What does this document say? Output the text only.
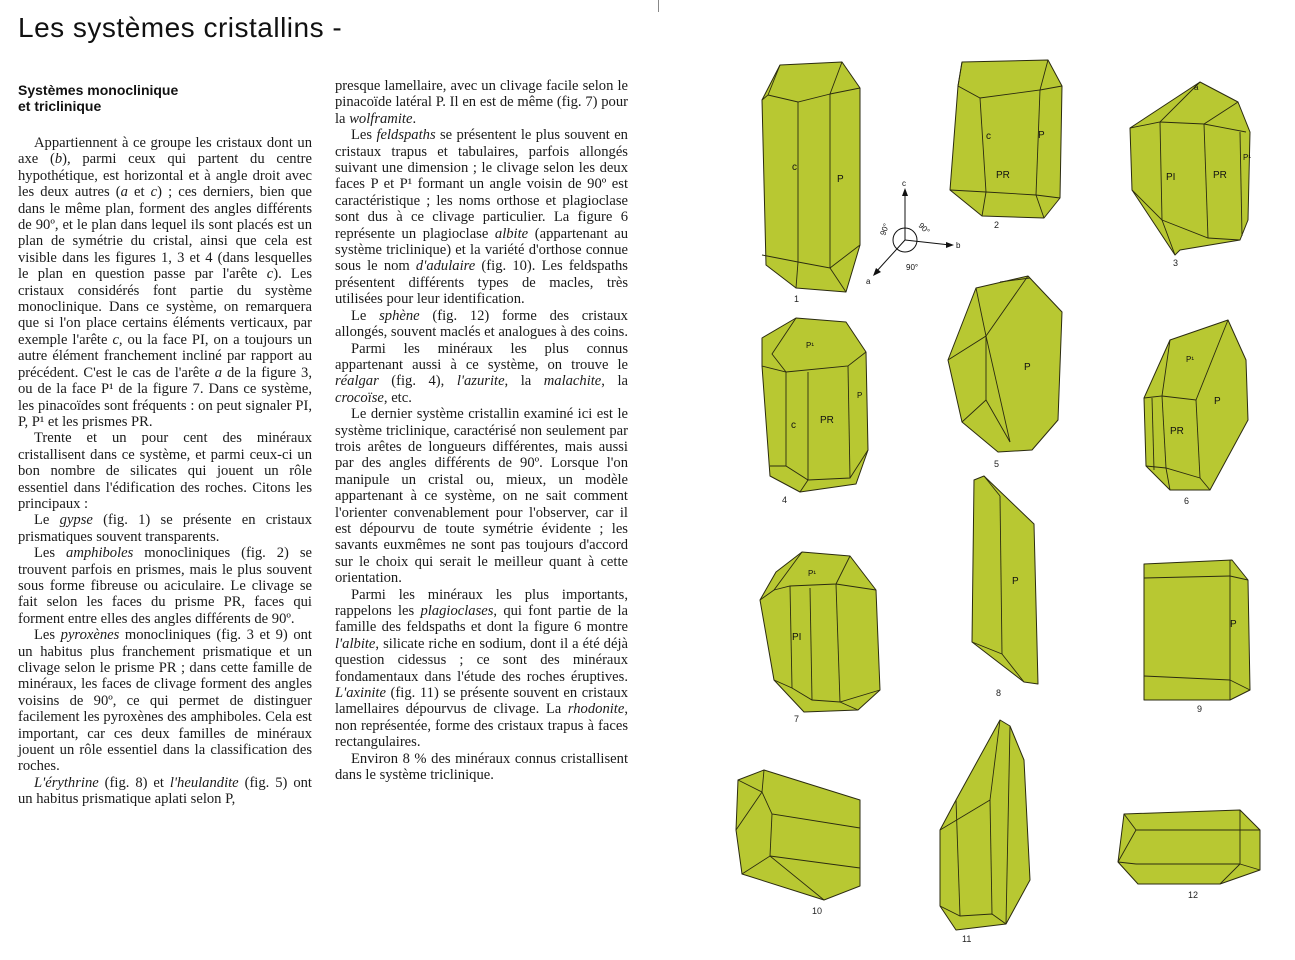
Les systèmes cristallins -
Systèmes monoclinique
et triclinique

Appartiennent à ce groupe les cristaux dont un axe (b), parmi ceux qui partent du centre hypothétique, est horizontal et à angle droit avec les deux autres (a et c) ; ces derniers, bien que dans le même plan, forment des angles différents de 90º, et le plan dans lequel ils sont placés est un plan de symétrie du cristal, ainsi que cela est visible dans les figures 1, 3 et 4 (dans lesquelles le plan en question passe par l'arête c). Les cristaux considérés font partie du système monoclinique. Dans ce système, on remarquera que si l'on place certains éléments verticaux, par exemple l'arête c, ou la face PI, on a toujours un autre élément franchement incliné par rapport au précédent. C'est le cas de l'arête a de la figure 3, ou de la face P¹ de la figure 7. Dans ce système, les pinacoïdes sont fréquents : on peut signaler PI, P, P¹ et les prismes PR.

Trente et un pour cent des minéraux cristallisent dans ce système, et parmi ceux-ci un bon nombre de silicates qui jouent un rôle essentiel dans l'édification des roches. Citons les principaux :

Le gypse (fig. 1) se présente en cristaux prismatiques souvent transparents.

Les amphiboles monocliniques (fig. 2) se trouvent parfois en prismes, mais le plus souvent sous forme fibreuse ou aciculaire. Le clivage se fait selon les faces du prisme PR, faces qui forment entre elles des angles différents de 90º.

Les pyroxènes monocliniques (fig. 3 et 9) ont un habitus plus franchement prismatique et un clivage selon le prisme PR ; dans cette famille de minéraux, les faces de clivage forment des angles voisins de 90º, ce qui permet de distinguer facilement les pyroxènes des amphiboles. Cela est important, car ces deux familles de minéraux jouent un rôle essentiel dans la classification des roches.

L'érythrine (fig. 8) et l'heulandite (fig. 5) ont un habitus prismatique aplati selon P,

presque lamellaire, avec un clivage facile selon le pinacoïde latéral P. Il en est de même (fig. 7) pour la wolframite.

Les feldspaths se présentent le plus souvent en cristaux trapus et tabulaires, parfois allongés suivant une dimension ; le clivage selon les deux faces P et P¹ formant un angle voisin de 90º est caractéristique ; les noms orthose et plagioclase sont dus à ce clivage particulier. La figure 6 représente un plagioclase albite (appartenant au système triclinique) et la variété d'orthose connue sous le nom d'adulaire (fig. 10). Les feldspaths présentent différents types de macles, très utilisées pour leur identification.

Le sphène (fig. 12) forme des cristaux allongés, souvent maclés et analogues à des coins.

Parmi les minéraux les plus connus appartenant aussi à ce système, on trouve le réalgar (fig. 4), l'azurite, la malachite, la crocoïse, etc.

Le dernier système cristallin examiné ici est le système triclinique, caractérisé non seulement par trois arêtes de longueurs différentes, mais aussi par des angles différents de 90º. Lorsque l'on manipule un cristal ou, mieux, un modèle appartenant à ce système, on ne sait comment l'orienter convenablement pour l'observer, car il est dépourvu de toute symétrie évidente ; les savants euxmêmes ne sont pas toujours d'accord sur le choix qui serait le meilleur quant à cette orientation.

Parmi les minéraux les plus importants, rappelons les plagioclases, qui font partie de la famille des feldspaths et dont la figure 6 montre l'albite, silicate riche en sodium, dont il a été déjà question cidessus ; ce sont des minéraux fondamentaux dans l'étude des roches éruptives. L'axinite (fig. 11) se présente souvent en cristaux lamellaires dépourvus de clivage. La rhodonite, non représentée, forme des cristaux trapus à faces rectangulaires.

Environ 8 % des minéraux connus cristallisent dans le système triclinique.

c
P
1
c	P
PR
2
c
b
a
90°	90°
90°
a
PI	PR
P¹
3
P¹
c PR
P
4
P
5
P¹
P
PR
6
P¹
PI
7
P
8
P
9
10
11
12
